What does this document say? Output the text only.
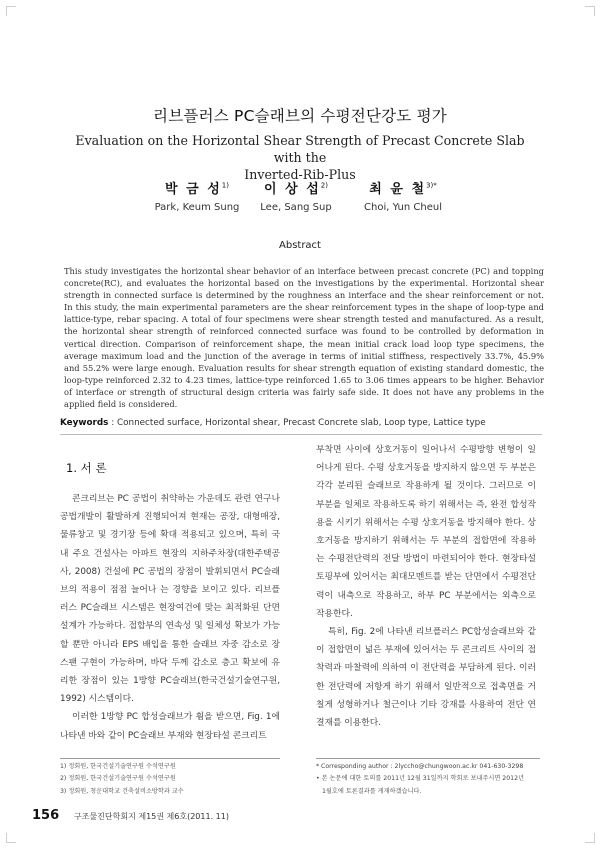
리브플러스 PC슬래브의 수평전단강도 평가
Evaluation on the Horizontal Shear Strength of Precast Concrete Slab with the
Inverted-Rib-Plus
박 금 성$^{1)}$
Park, Keum Sung
이 상 섭$^{2)}$
Lee, Sang Sup
최 윤 철$^{3)*}$
Choi, Yun Cheul
Abstract
This study investigates the horizontal shear behavior of an interface between precast concrete (PC) and topping concrete(RC), and evaluates the horizontal based on the investigations by the experimental. Horizontal shear strength in connected surface is determined by the roughness an interface and the shear reinforcement or not. In this study, the main experimental parameters are the shear reinforcement types in the shape of loop-type and lattice-type, rebar spacing. A total of four specimens were shear strength tested and manufactured. As a result, the horizontal shear strength of reinforced connected surface was found to be controlled by deformation in vertical direction. Comparison of reinforcement shape, the mean initial crack load loop type specimens, the average maximum load and the junction of the average in terms of initial stiffness, respectively 33.7%, 45.9% and 55.2% were large enough. Evaluation results for shear strength equation of existing standard domestic, the loop-type reinforced 2.32 to 4.23 times, lattice-type reinforced 1.65 to 3.06 times appears to be higher. Behavior of interface or strength of structural design criteria was fairly safe side. It does not have any problems in the applied field is considered.
Keywords : Connected surface, Horizontal shear, Precast Concrete slab, Loop type, Lattice type
1. 서 론

콘크리브는 PC 공법이 취약하는 가운데도 관련 연구나 공법개발이 활발하게 진행되어져 현재는 공장, 대형매장, 물류창고 및 경기장 등에 확대 적용되고 있으며, 특히 국내 주요 건설사는 아파트 현장의 지하주차장(대한주택공사, 2008) 건설에 PC 공법의 장점이 발휘되면서 PC슬래브의 적용이 점점 늘어나 는 경향을 보이고 있다. 리브플러스 PC슬래브 시스템은 현장여건에 맞는 최적화된 단면설계가 가능하다. 접합부의 연속성 및 일체성 확보가 가능할 뿐만 아니라 EPS 배입을 통한 슬래브 자중 감소로 장스팬 구현이 가능하며, 바닥 두께 감소로 층고 확보에 유리한 장점이 있는 1방향 PC슬래브(한국건설기술연구원, 1992) 시스템이다.

이러한 1방향 PC 합성슬래브가 휨을 받으면, Fig. 1에 나타낸 바와 같이 PC슬래브 부재와 현장타설 콘크리트

부착면 사이에 상호거동이 일어나서 수평방향 변형이 일어나게 된다. 수평 상호거동을 방지하지 않으면 두 부분은 각각 분리된 슬래브로 작용하게 될 것이다. 그러므로 이 부분을 일체로 작용하도록 하기 위해서는 즉, 완전 합성작용을 시키기 위해서는 수평 상호거동을 방지해야 한다. 상호거동을 방지하기 위해서는 두 부분의 접합면에 작용하는 수평전단력의 전달 방법이 마련되어야 한다. 현장타설 토핑부에 있어서는 최대모멘트를 받는 단면에서 수평전단력이 내측으로 작용하고, 하부 PC 부분에서는 외측으로 작용한다.

특히, Fig. 2에 나타낸 리브플러스 PC합성슬래브와 같이 접합면이 넓은 부재에 있어서는 두 콘크리트 사이의 접착력과 마찰력에 의하여 이 전단력을 부담하게 된다. 이러한 전단력에 저항게 하기 위해서 일반적으로 접촉면을 거칠게 성형하거나 철근이나 기타 강재를 사용하여 전단 연결재를 이용한다.

1) 정회원, 한국건설기술연구원 수석연구원
2) 정회원, 한국건설기술연구원 수석연구원
3) 정회원, 청운대학교 건축설비소방학과 교수
* Corresponding author : 2lyccho@chungwoon.ac.kr 041-630-3298
• 본 논문에 대한 토의를 2011년 12월 31일까지 학회로 보내주시면 2012년
1월호에 토론결과를 게재하겠습니다.
156 구조물진단학회지 제15권 제6호(2011. 11)
